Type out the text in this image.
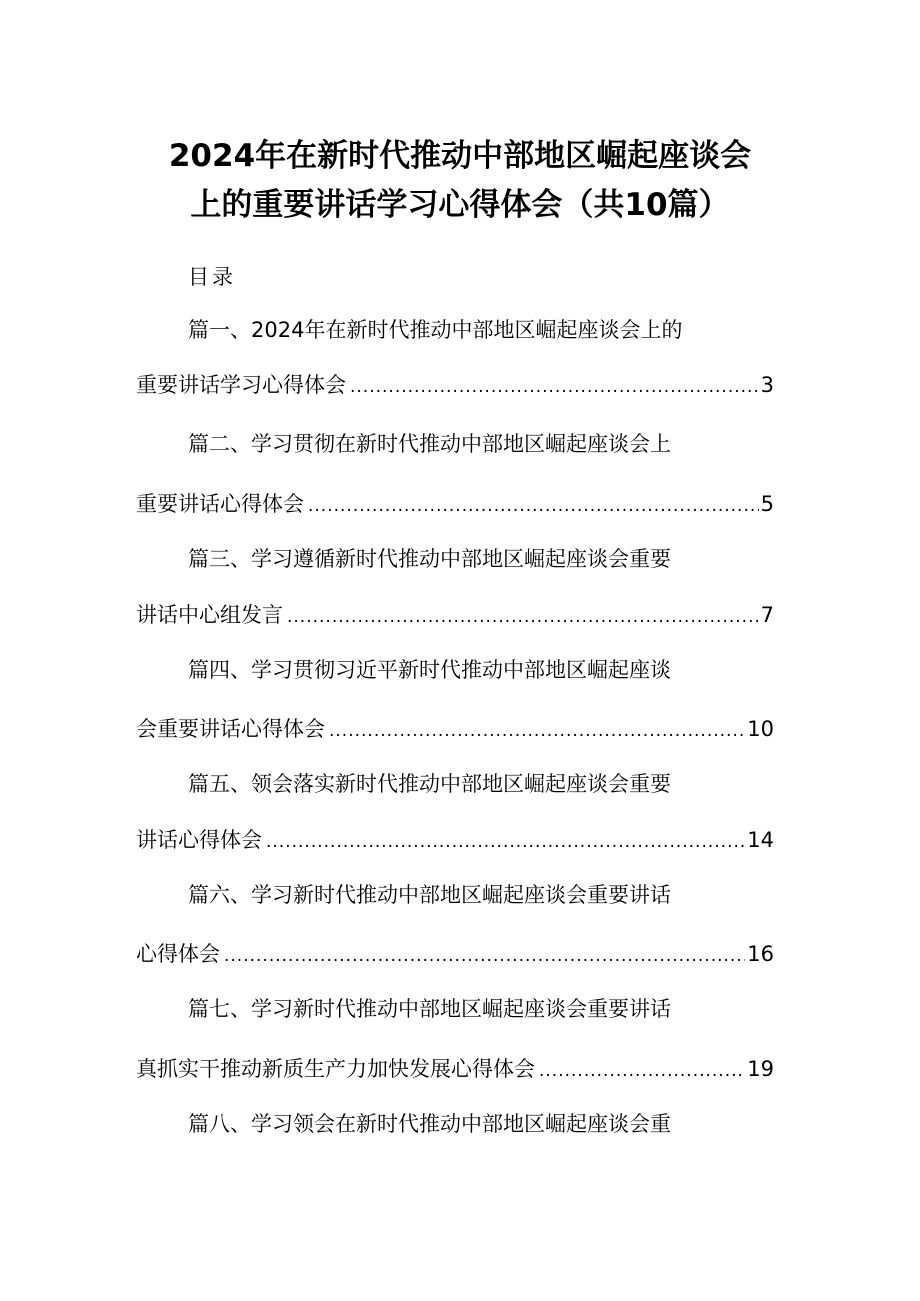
2024年在新时代推动中部地区崛起座谈会
上的重要讲话学习心得体会（共10篇）
目录
篇一、2024年在新时代推动中部地区崛起座谈会上的
重要讲话学习心得体会 .....	3
篇二、学习贯彻在新时代推动中部地区崛起座谈会上
重要讲话心得体会 .....	5
篇三、学习遵循新时代推动中部地区崛起座谈会重要
讲话中心组发言 .....	7
篇四、学习贯彻习近平新时代推动中部地区崛起座谈
会重要讲话心得体会 .....	10
篇五、领会落实新时代推动中部地区崛起座谈会重要
讲话心得体会 .....	14
篇六、学习新时代推动中部地区崛起座谈会重要讲话
心得体会 .....	16
篇七、学习新时代推动中部地区崛起座谈会重要讲话
真抓实干推动新质生产力加快发展心得体会 .....	19
篇八、学习领会在新时代推动中部地区崛起座谈会重
